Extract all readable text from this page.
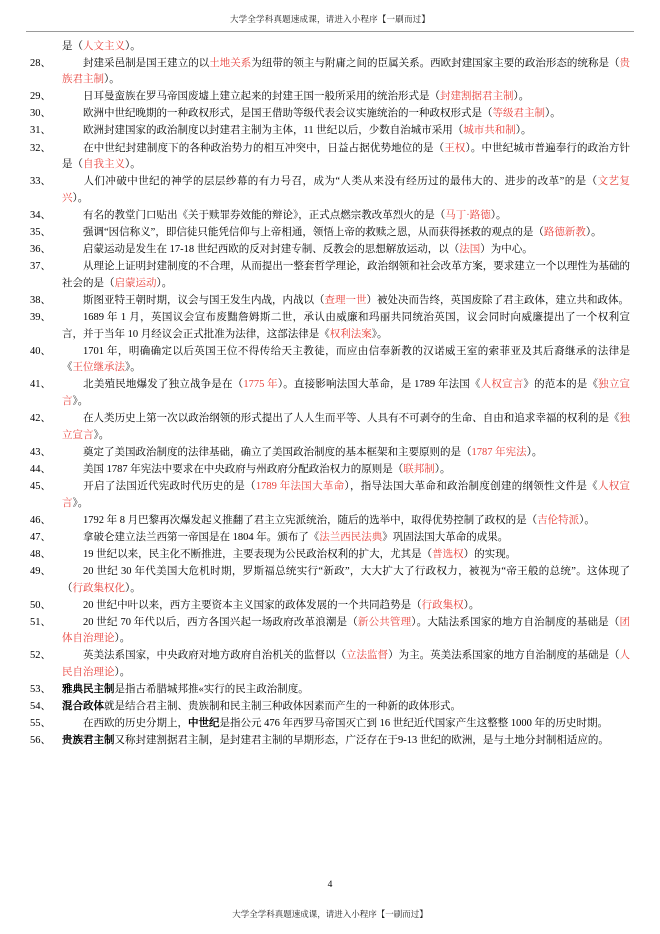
大学全学科真题速成课，请进入小程序【一刷而过】
是（人文主义）。
28、	封建采邑制是国王建立的以土地关系为纽带的领主与附庸之间的臣属关系。西欧封建国家主要的政治形态的统称是（贵族君主制）。
29、	日耳曼蛮族在罗马帝国废墟上建立起来的封建王国一般所采用的统治形式是（封建割据君主制）。
30、	欧洲中世纪晚期的一种政权形式，是国王借助等级代表会议实施统治的一种政权形式是（等级君主制）。
31、	欧洲封建国家的政治制度以封建君主制为主体，11 世纪以后，少数自治城市采用（城市共和制）。
32、	在中世纪封建制度下的各种政治势力的相互冲突中，日益占据优势地位的是（王权）。中世纪城市普遍奉行的政治方针是（自我主义）。
33、	人们冲破中世纪的神学的层层纱幕的有力号召，成为“人类从来没有经历过的最伟大的、进步的改革”的是（文艺复兴）。
34、	有名的教堂门口贴出《关于赎罪券效能的辩论》，正式点燃宗教改革烈火的是（马丁·路德）。
35、	强调“因信称义”，即信徒只能凭信仰与上帝相通，领悟上帝的救赎之恩，从而获得拯救的观点的是（路德新教）。
36、	启蒙运动是发生在 17-18 世纪西欧的反对封建专制、反教会的思想解放运动，以（法国）为中心。
37、	从理论上证明封建制度的不合理，从而提出一整套哲学理论，政治纲领和社会改革方案，要求建立一个以理性为基础的社会的是（启蒙运动）。
38、	斯图亚特王朝时期，议会与国王发生内战，内战以（查理一世）被处决而告终，英国废除了君主政体，建立共和政体。
39、	1689 年 1 月，英国议会宣布废黜詹姆斯二世，承认由威廉和玛丽共同统治英国，议会同时向威廉提出了一个权利宣言，并于当年 10 月经议会正式批准为法律，这部法律是《权利法案》。
40、	1701 年，明确确定以后英国王位不得传给天主教徒，而应由信奉新教的汉诺威王室的索菲亚及其后裔继承的法律是《王位继承法》。
41、	北美殖民地爆发了独立战争是在（1775 年）。直接影响法国大革命，是 1789 年法国《人权宣言》的范本的是《独立宣言》。
42、	在人类历史上第一次以政治纲领的形式提出了人人生而平等、人具有不可剥夺的生命、自由和追求幸福的权利的是《独立宣言》。
43、	奠定了美国政治制度的法律基础，确立了美国政治制度的基本框架和主要原则的是（1787 年宪法）。
44、	美国 1787 年宪法中要求在中央政府与州政府分配政治权力的原则是（联邦制）。
45、	开启了法国近代宪政时代历史的是（1789 年法国大革命），指导法国大革命和政治制度创建的纲领性文件是《人权宣言》。
46、	1792 年 8 月巴黎再次爆发起义推翻了君主立宪派统治，随后的选举中，取得优势控制了政权的是（吉伦特派）。
47、	拿破仑建立法兰西第一帝国是在 1804 年。颁布了《法兰西民法典》巩固法国大革命的成果。
48、	19 世纪以来，民主化不断推进，主要表现为公民政治权利的扩大，尤其是（普选权）的实现。
49、	20 世纪 30 年代美国大危机时期，罗斯福总统实行“新政”，大大扩大了行政权力，被视为“帝王般的总统”。这体现了（行政集权化）。
50、	20 世纪中叶以来，西方主要资本主义国家的政体发展的一个共同趋势是（行政集权）。
51、	20 世纪 70 年代以后，西方各国兴起一场政府改革浪潮是（新公共管理）。大陆法系国家的地方自治制度的基础是（团体自治理论）。
52、	英美法系国家，中央政府对地方政府自治机关的监督以（立法监督）为主。英美法系国家的地方自治制度的基础是（人民自治理论）。
53、	雅典民主制是指古希腊城邦推«实行的民主政治制度。
54、	混合政体就是结合君主制、贵族制和民主制三种政体因素而产生的一种新的政体形式。
55、	在西欧的历史分期上，中世纪是指公元 476 年西罗马帝国灭亡到 16 世纪近代国家产生这整整 1000 年的历史时期。
56、	贵族君主制又称封建割据君主制，是封建君主制的早期形态，广泛存在于9-13 世纪的欧洲，是与土地分封制相适应的。
4
大学全学科真题速成课，请进入小程序【一刷而过】
